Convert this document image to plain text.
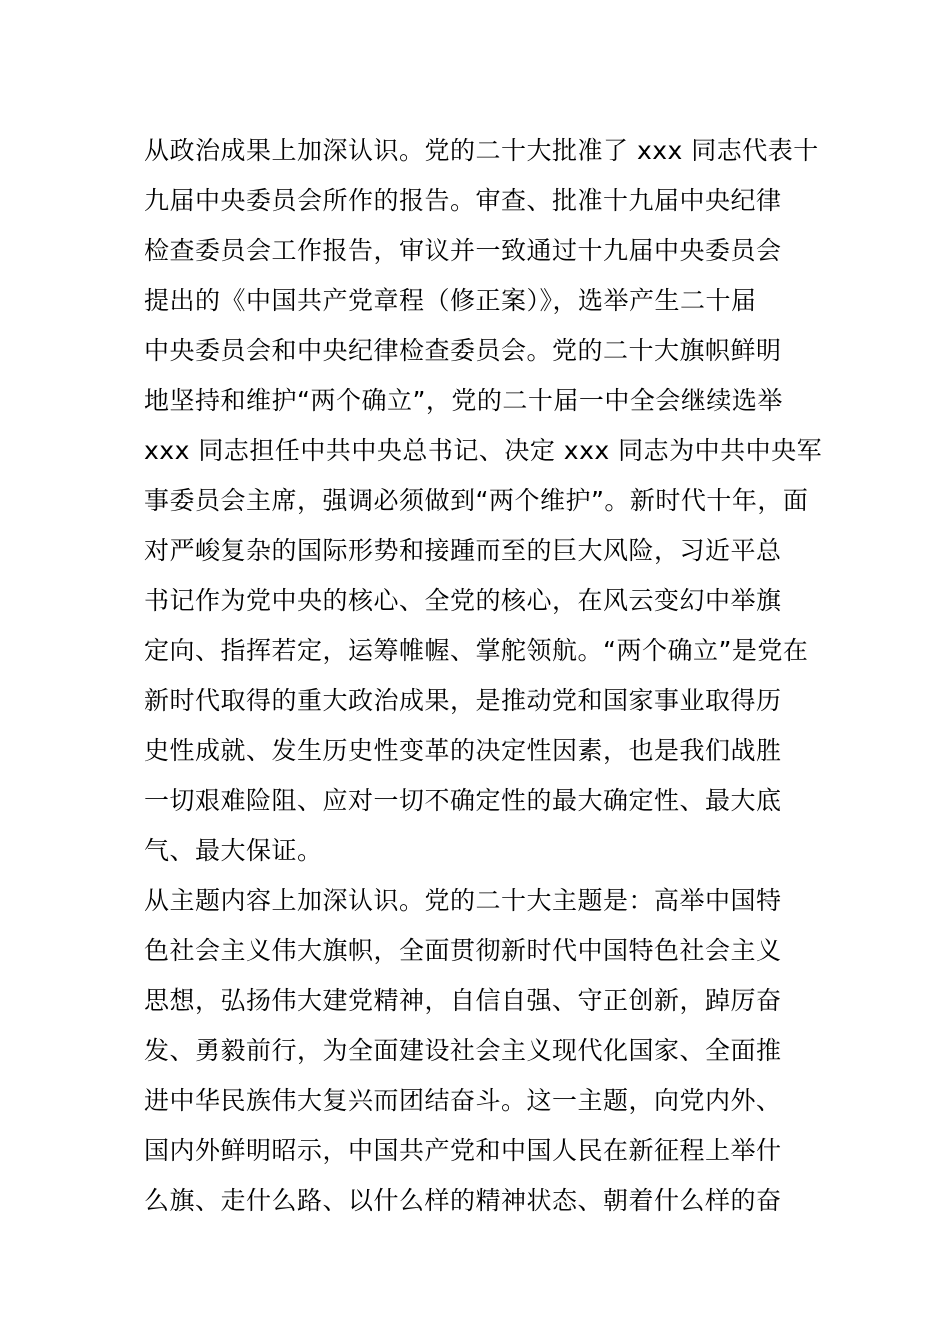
从政治成果上加深认识。党的二十大批准了 xxx 同志代表十
九届中央委员会所作的报告。审查、批准十九届中央纪律
检查委员会工作报告，审议并一致通过十九届中央委员会
提出的《中国共产党章程（修正案）》，选举产生二十届
中央委员会和中央纪律检查委员会。党的二十大旗帜鲜明
地坚持和维护“两个确立”，党的二十届一中全会继续选举
xxx 同志担任中共中央总书记、决定 xxx 同志为中共中央军
事委员会主席，强调必须做到“两个维护”。新时代十年，面
对严峻复杂的国际形势和接踵而至的巨大风险，习近平总
书记作为党中央的核心、全党的核心，在风云变幻中举旗
定向、指挥若定，运筹帷幄、掌舵领航。“两个确立”是党在
新时代取得的重大政治成果，是推动党和国家事业取得历
史性成就、发生历史性变革的决定性因素，也是我们战胜
一切艰难险阻、应对一切不确定性的最大确定性、最大底
气、最大保证。
从主题内容上加深认识。党的二十大主题是：高举中国特
色社会主义伟大旗帜，全面贯彻新时代中国特色社会主义
思想，弘扬伟大建党精神，自信自强、守正创新，踔厉奋
发、勇毅前行，为全面建设社会主义现代化国家、全面推
进中华民族伟大复兴而团结奋斗。这一主题，向党内外、
国内外鲜明昭示，中国共产党和中国人民在新征程上举什
么旗、走什么路、以什么样的精神状态、朝着什么样的奋
